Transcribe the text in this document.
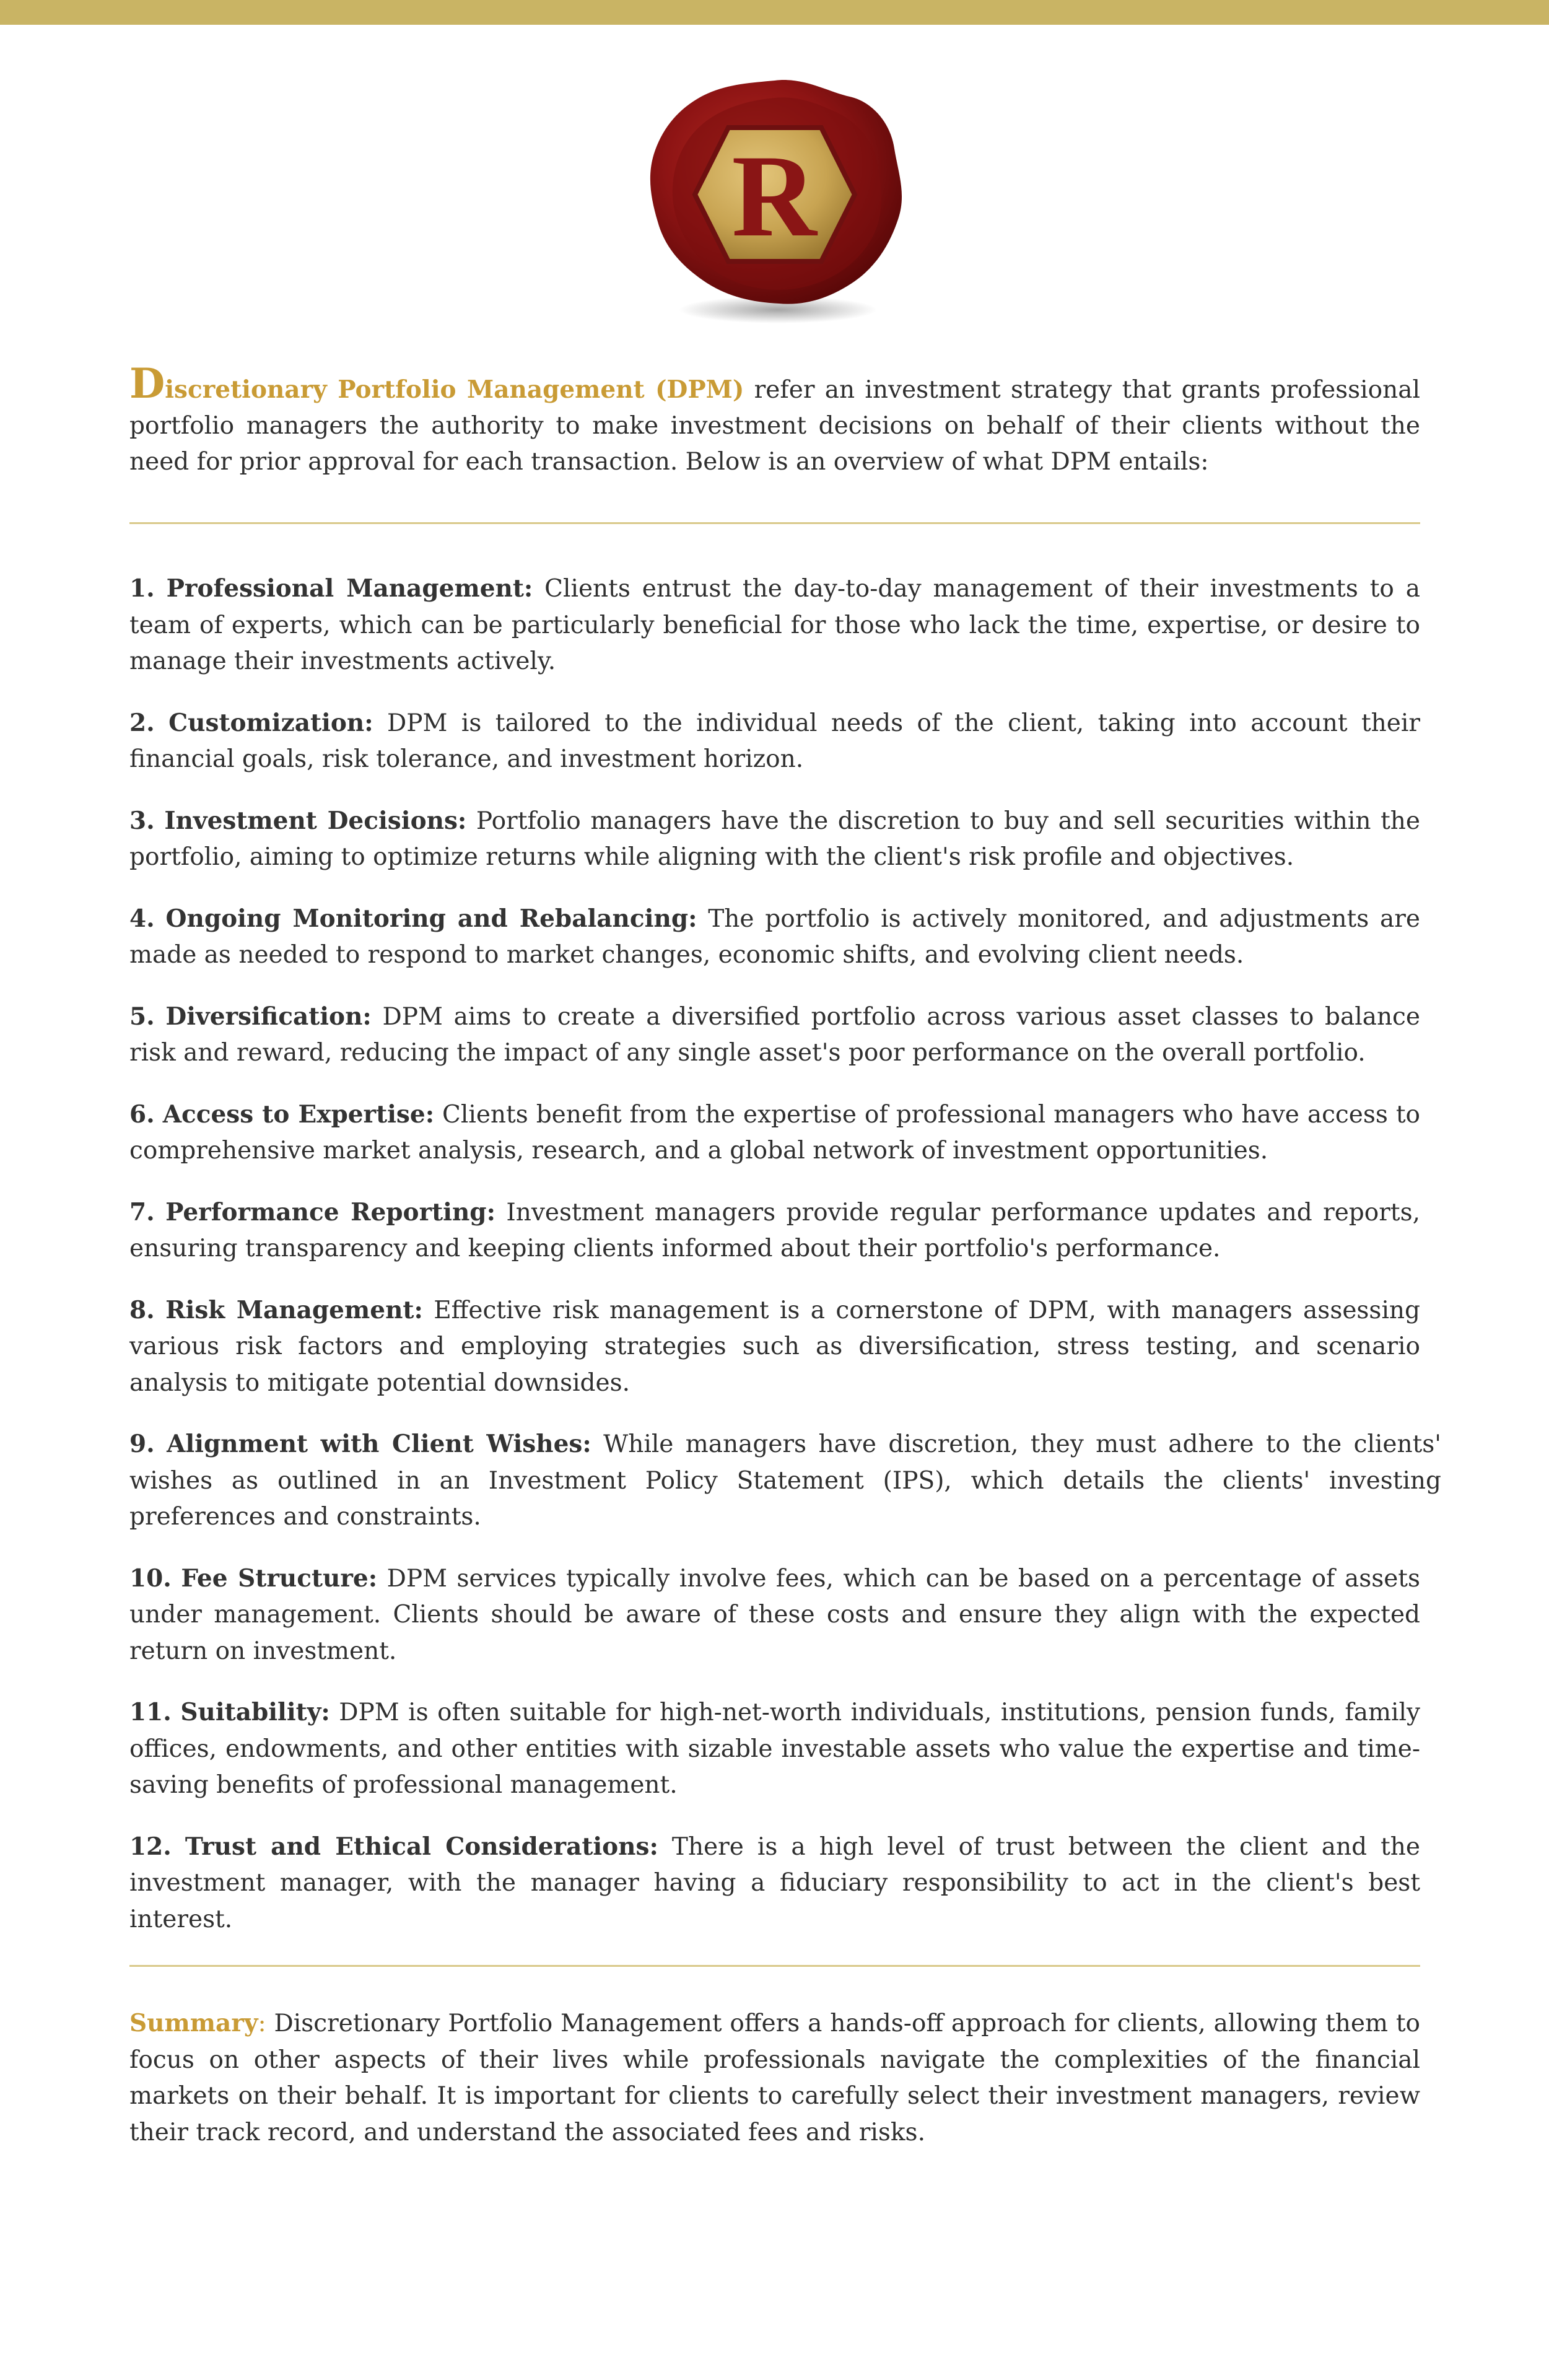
R

Discretionary Portfolio Management (DPM) refer an investment strategy that grants professional portfolio managers the authority to make investment decisions on behalf of their clients without the need for prior approval for each transaction. Below is an overview of what DPM entails:

1. Professional Management: Clients entrust the day-to-day management of their investments to a team of experts, which can be particularly beneficial for those who lack the time, expertise, or desire to manage their investments actively.

2. Customization: DPM is tailored to the individual needs of the client, taking into account their financial goals, risk tolerance, and investment horizon.

3. Investment Decisions: Portfolio managers have the discretion to buy and sell securities within the portfolio, aiming to optimize returns while aligning with the client's risk profile and objectives.

4. Ongoing Monitoring and Rebalancing: The portfolio is actively monitored, and adjustments are made as needed to respond to market changes, economic shifts, and evolving client needs.

5. Diversification: DPM aims to create a diversified portfolio across various asset classes to balance risk and reward, reducing the impact of any single asset's poor performance on the overall portfolio.

6. Access to Expertise: Clients benefit from the expertise of professional managers who have access to comprehensive market analysis, research, and a global network of investment opportunities.

7. Performance Reporting: Investment managers provide regular performance updates and reports, ensuring transparency and keeping clients informed about their portfolio's performance.

8. Risk Management: Effective risk management is a cornerstone of DPM, with managers assessing various risk factors and employing strategies such as diversification, stress testing, and scenario analysis to mitigate potential downsides.

9. Alignment with Client Wishes: While managers have discretion, they must adhere to the clients' wishes as outlined in an Investment Policy Statement (IPS), which details the clients' investing preferences and constraints.

10. Fee Structure: DPM services typically involve fees, which can be based on a percentage of assets under management. Clients should be aware of these costs and ensure they align with the expected return on investment.

11. Suitability: DPM is often suitable for high-net-worth individuals, institutions, pension funds, family offices, endowments, and other entities with sizable investable assets who value the expertise and time-saving benefits of professional management.

12. Trust and Ethical Considerations: There is a high level of trust between the client and the investment manager, with the manager having a fiduciary responsibility to act in the client's best interest.

Summary: Discretionary Portfolio Management offers a hands-off approach for clients, allowing them to focus on other aspects of their lives while professionals navigate the complexities of the financial markets on their behalf. It is important for clients to carefully select their investment managers, review their track record, and understand the associated fees and risks.
